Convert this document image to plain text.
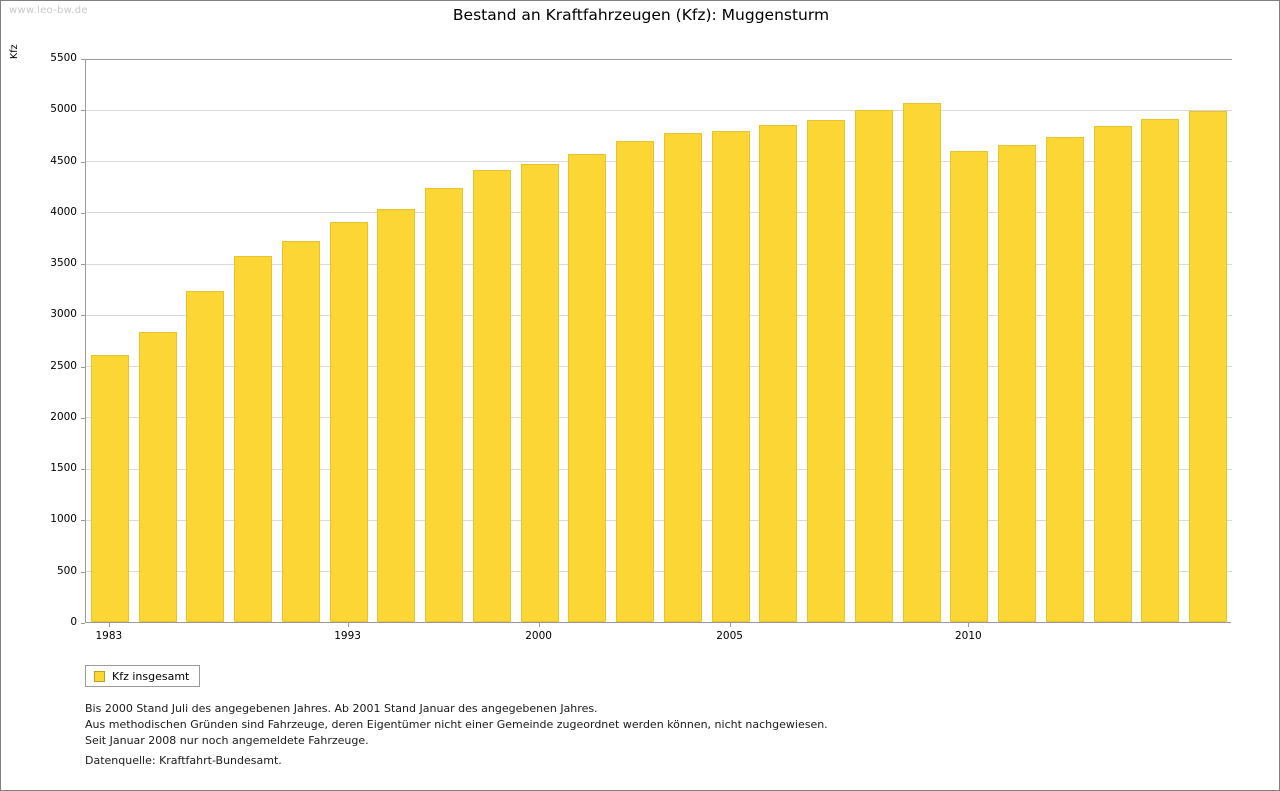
www.leo-bw.de	Bestand an Kraftfahrzeugen (Kfz): Muggensturm
Kfz
Kfz insgesamt
Bis 2000 Stand Juli des angegebenen Jahres. Ab 2001 Stand Januar des angegebenen Jahres.
Aus methodischen Gründen sind Fahrzeuge, deren Eigentümer nicht einer Gemeinde zugeordnet werden können, nicht nachgewiesen.
Seit Januar 2008 nur noch angemeldete Fahrzeuge.
Datenquelle: Kraftfahrt-Bundesamt.
0
500
1000
1500
2000
2500
3000
3500
4000
4500
5000
5500
1983	1993	2000	2005	2010
